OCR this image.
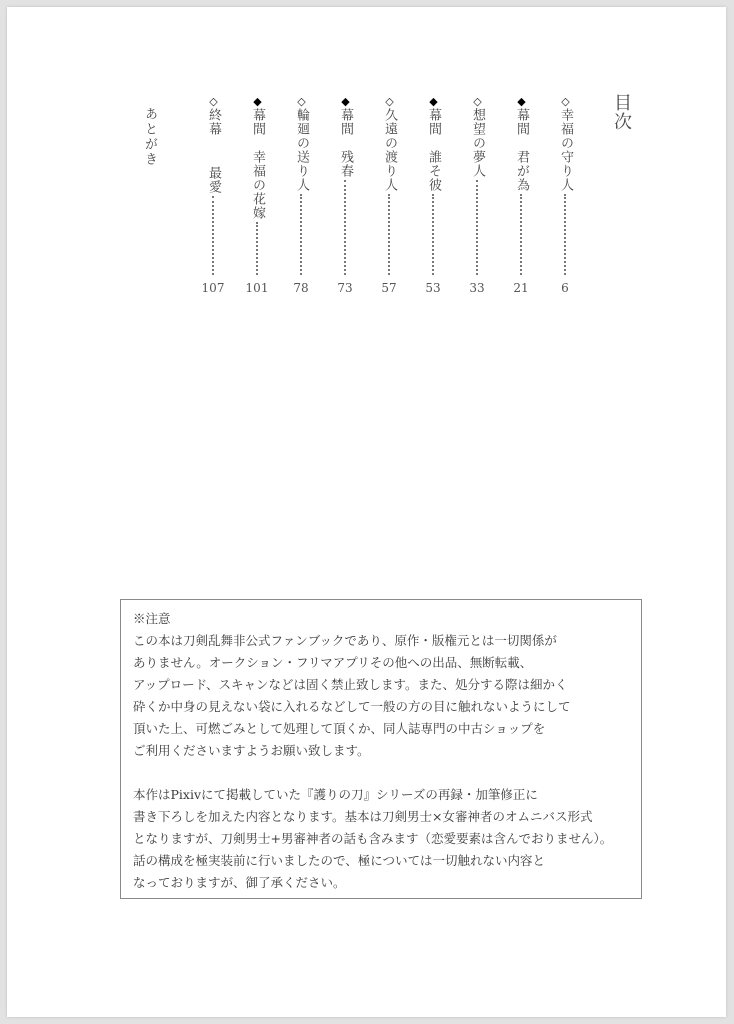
目次
◇
幸福の守り人
6
◆
幕間
君が為
21
◇
想望の夢人
33
◆
幕間
誰そ彼
53
◇
久遠の渡り人
57
◆
幕間
残春
73
◇
輪廻の送り人
78
◆
幕間
幸福の花嫁
101
◇
終幕
最愛
107
あとがき

※注意

この本は刀剣乱舞非公式ファンブックであり、原作・版権元とは一切関係が

ありません。オークション・フリマアプリその他への出品、無断転載、

アップロード、スキャンなどは固く禁止致します。また、処分する際は細かく

砕くか中身の見えない袋に入れるなどして一般の方の目に触れないようにして

頂いた上、可燃ごみとして処理して頂くか、同人誌専門の中古ショップを

ご利用くださいますようお願い致します。

本作はPixivにて掲載していた『護りの刀』シリーズの再録・加筆修正に

書き下ろしを加えた内容となります。基本は刀剣男士×女審神者のオムニバス形式

となりますが、刀剣男士+男審神者の話も含みます（恋愛要素は含んでおりません）。

話の構成を極実装前に行いましたので、極については一切触れない内容と

なっておりますが、御了承ください。
